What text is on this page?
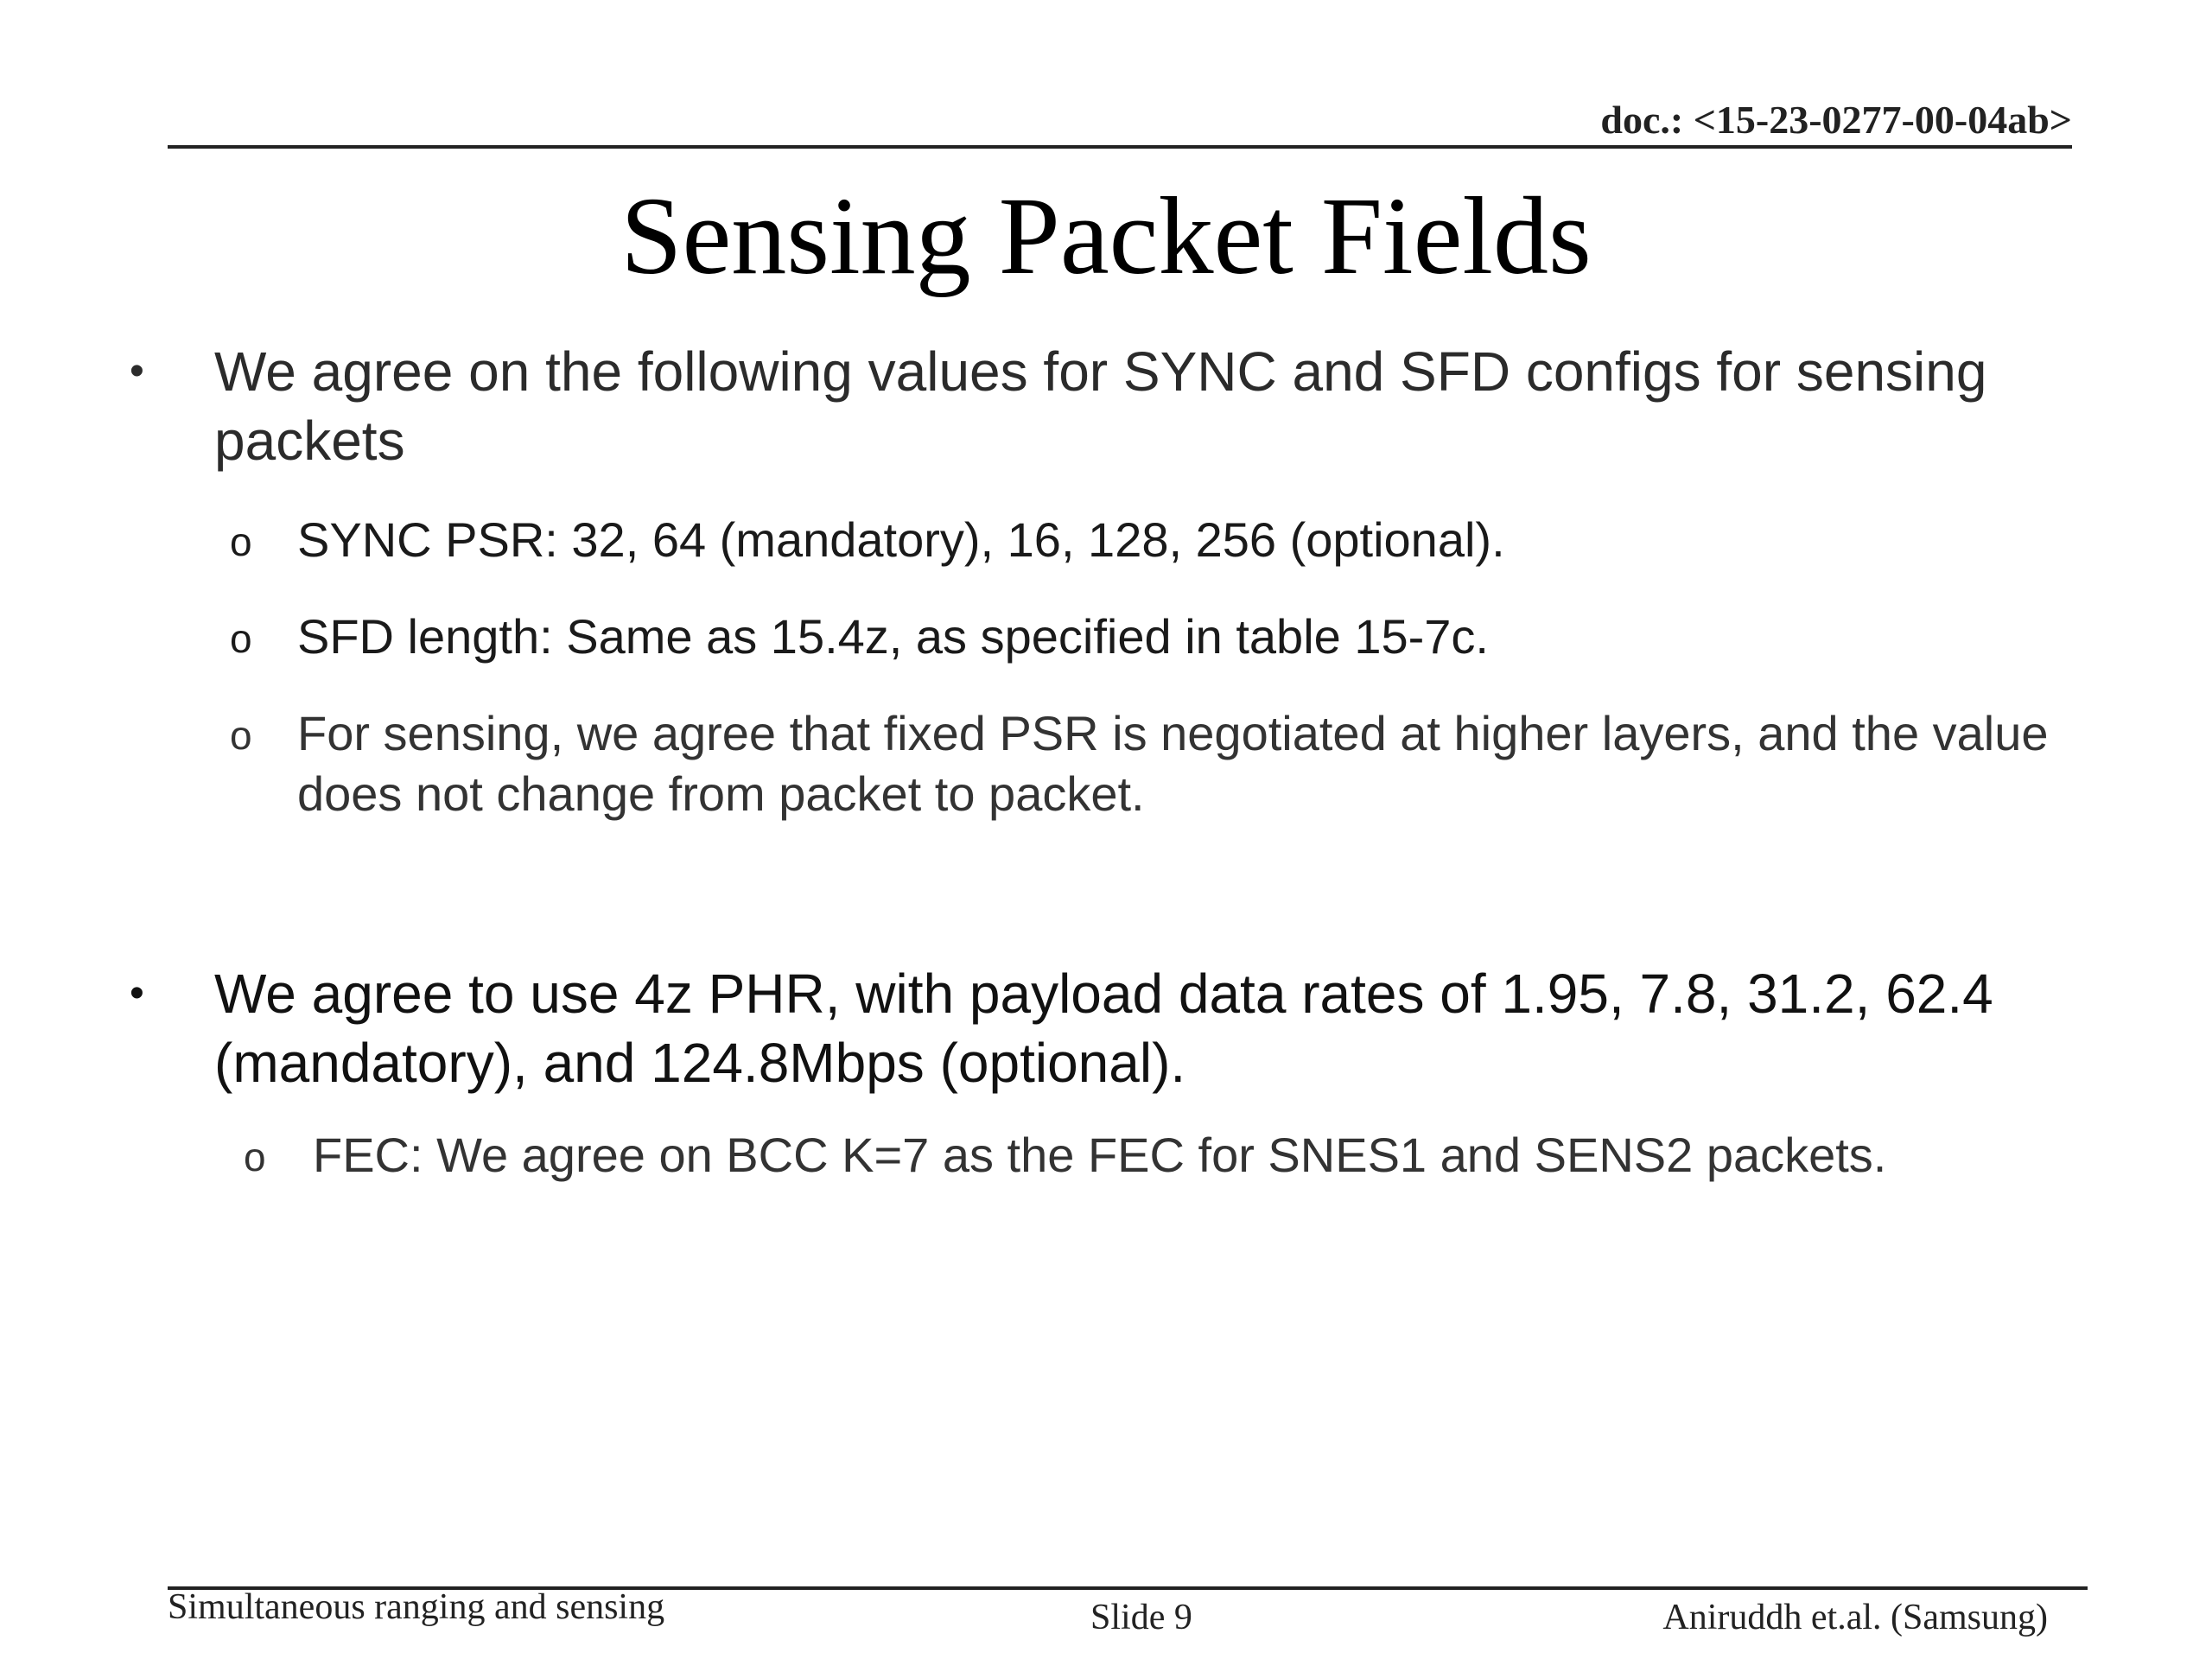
doc.: <15-23-0277-00-04ab>
Sensing Packet Fields
• We agree on the following values for SYNC and SFD configs for sensing
packets
o SYNC PSR: 32, 64 (mandatory), 16, 128, 256 (optional).
o SFD length: Same as 15.4z, as specified in table 15-7c.
o For sensing, we agree that fixed PSR is negotiated at higher layers, and the value
does not change from packet to packet.
• We agree to use 4z PHR, with payload data rates of 1.95, 7.8, 31.2, 62.4
(mandatory), and 124.8Mbps (optional).
o FEC: We agree on BCC K=7 as the FEC for SNES1 and SENS2 packets.
Simultaneous ranging and sensing	Slide 9	Aniruddh et.al. (Samsung)
